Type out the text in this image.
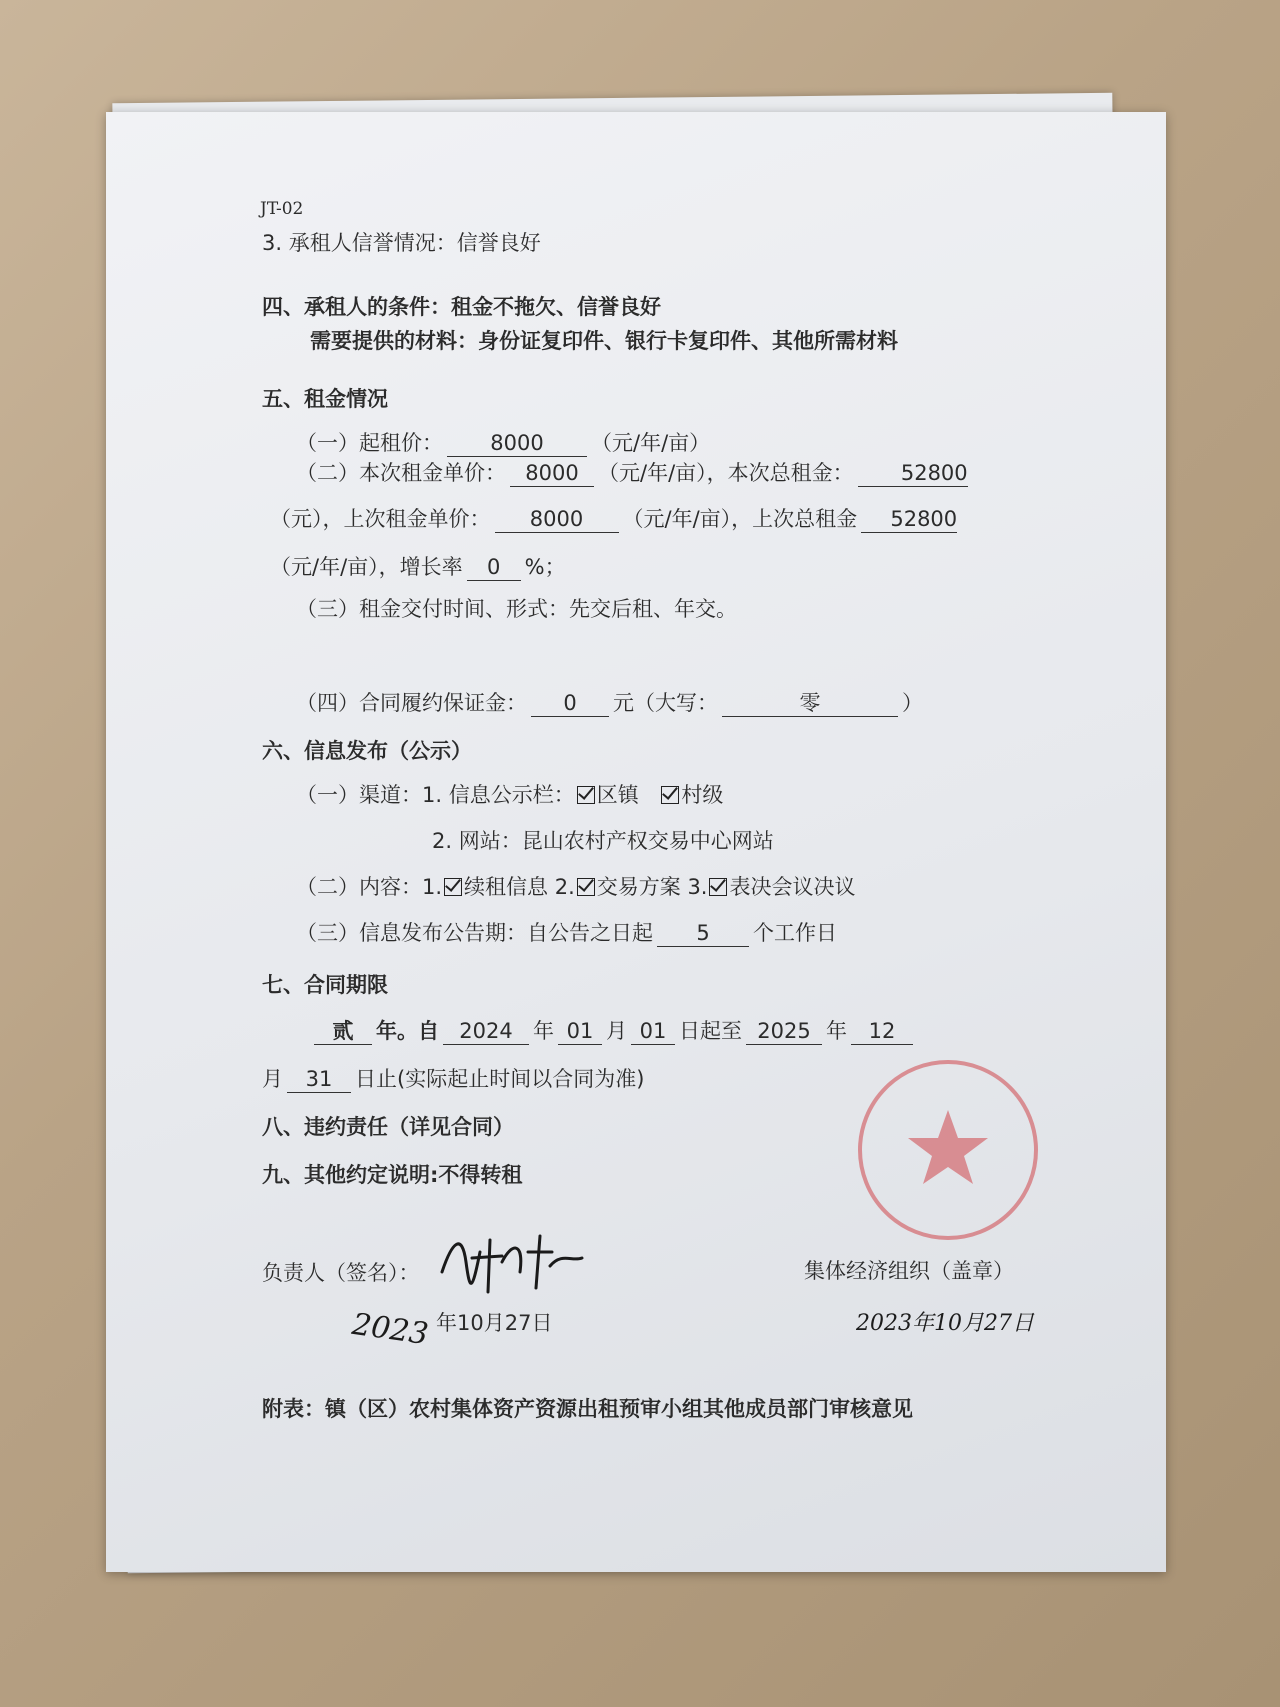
JT-02
3. 承租人信誉情况：信誉良好
四、承租人的条件：租金不拖欠、信誉良好
需要提供的材料：身份证复印件、银行卡复印件、其他所需材料
五、租金情况
（一）起租价： 8000 （元/年/亩）
（二）本次租金单价： 8000 （元/年/亩），本次总租金： 52800
（元），上次租金单价： 8000 （元/年/亩），上次总租金 52800
（元/年/亩），增长率 0 %；
（三）租金交付时间、形式：先交后租、年交。
（四）合同履约保证金： 0 元（大写：	零	）
六、信息发布（公示）
（一）渠道：1. 信息公示栏： 区镇 村级
2. 网站：昆山农村产权交易中心网站
（二）内容：1. 续租信息 2. 交易方案 3. 表决会议决议
（三）信息发布公告期：自公告之日起 5 个工作日
七、合同期限
贰 年。自 2024 年 01 月 01 日起至 2025 年 12
月 31 日止(实际起止时间以合同为准)
八、违约责任（详见合同）
九、其他约定说明:不得转租
负责人（签名）：
2023 年10月27日
集体经济组织（盖章）
2023年10月27日
附表：镇（区）农村集体资产资源出租预审小组其他成员部门审核意见
